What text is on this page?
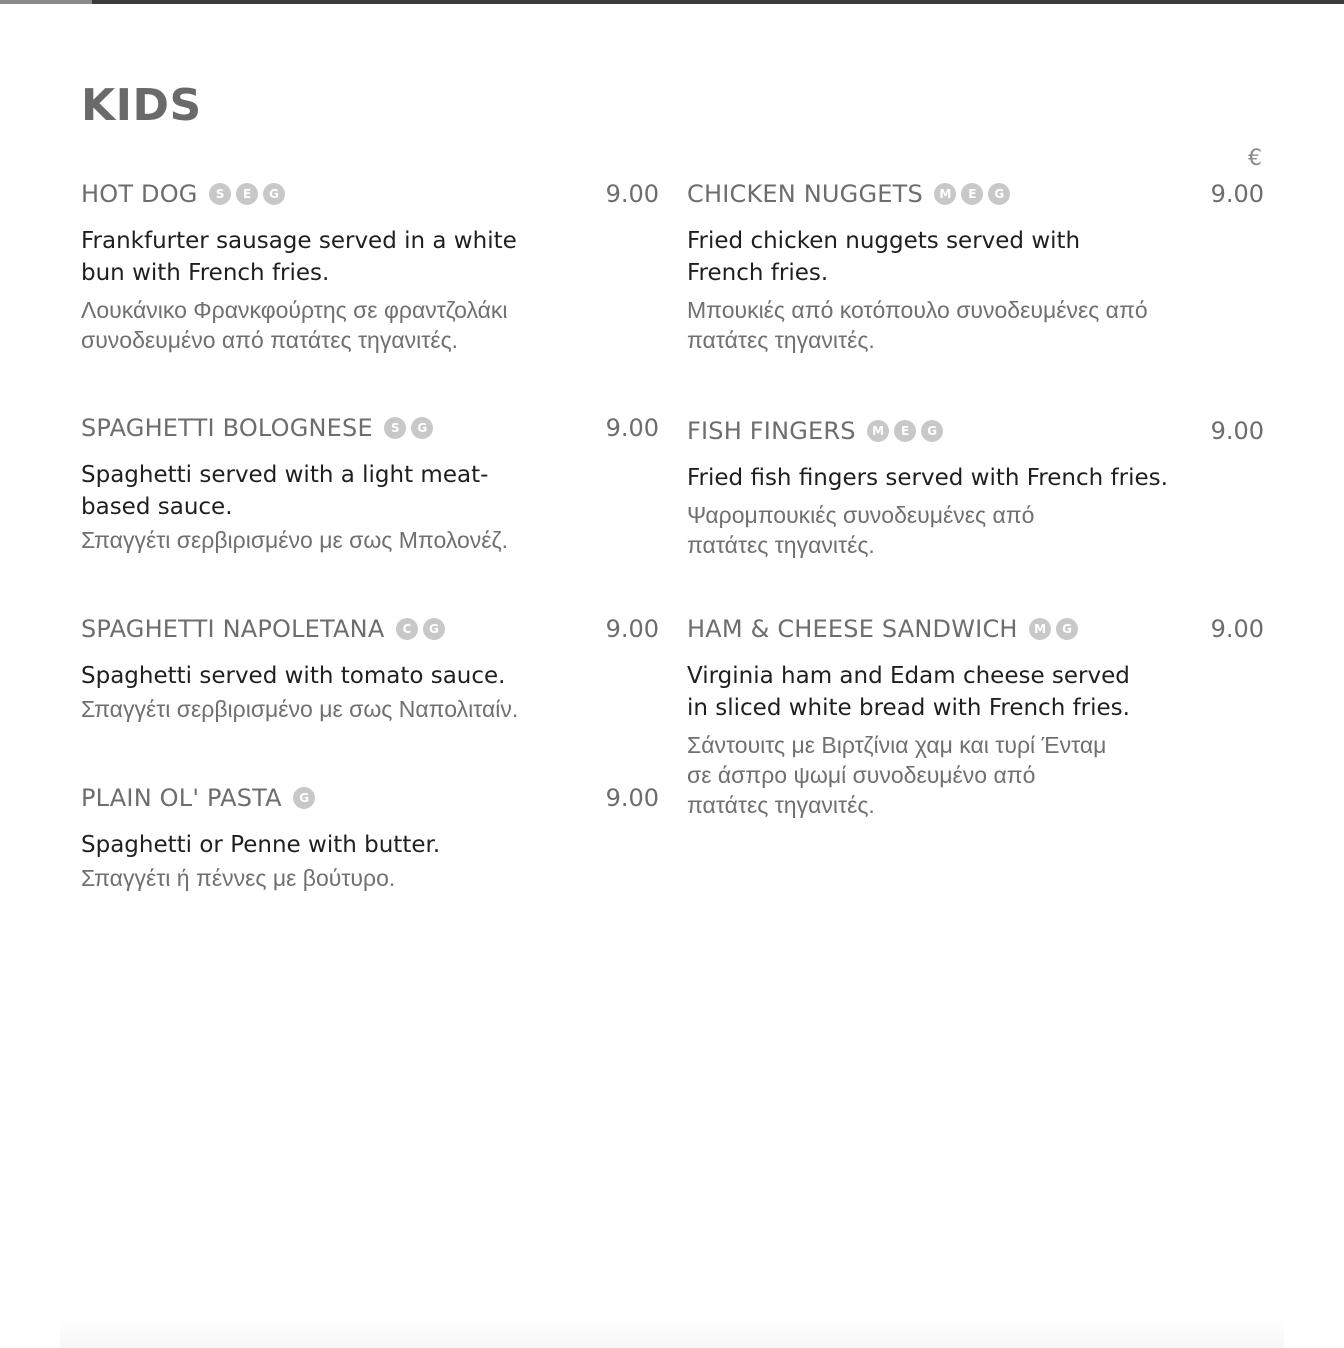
KIDS
€
HOT DOG S E G	9.00
Frankfurter sausage served in a white bun with French fries.
Λουκάνικο Φρανκφούρτης σε φραντζολάκι συνοδευμένο από πατάτες τηγανιτές.
CHICKEN NUGGETS M E G	9.00
Fried chicken nuggets served with French fries.
Μπουκιές από κοτόπουλο συνοδευμένες από πατάτες τηγανιτές.
SPAGHETTI BOLOGNESE S G	9.00
Spaghetti served with a light meat-based sauce.
Σπαγγέτι σερβιρισμένο με σως Μπολονέζ.
FISH FINGERS M E G	9.00
Fried fish fingers served with French fries.
Ψαρομπουκιές συνοδευμένες από πατάτες τηγανιτές.
SPAGHETTI NAPOLETANA C G	9.00
Spaghetti served with tomato sauce.
Σπαγγέτι σερβιρισμένο με σως Ναπολιταίν.
HAM & CHEESE SANDWICH M G	9.00
Virginia ham and Edam cheese served in sliced white bread with French fries.
Σάντουιτς με Βιρτζίνια χαμ και τυρί Ένταμ σε άσπρο ψωμί συνοδευμένο από πατάτες τηγανιτές.
PLAIN OL' PASTA G	9.00
Spaghetti or Penne with butter.
Σπαγγέτι ή πέννες με βούτυρο.
